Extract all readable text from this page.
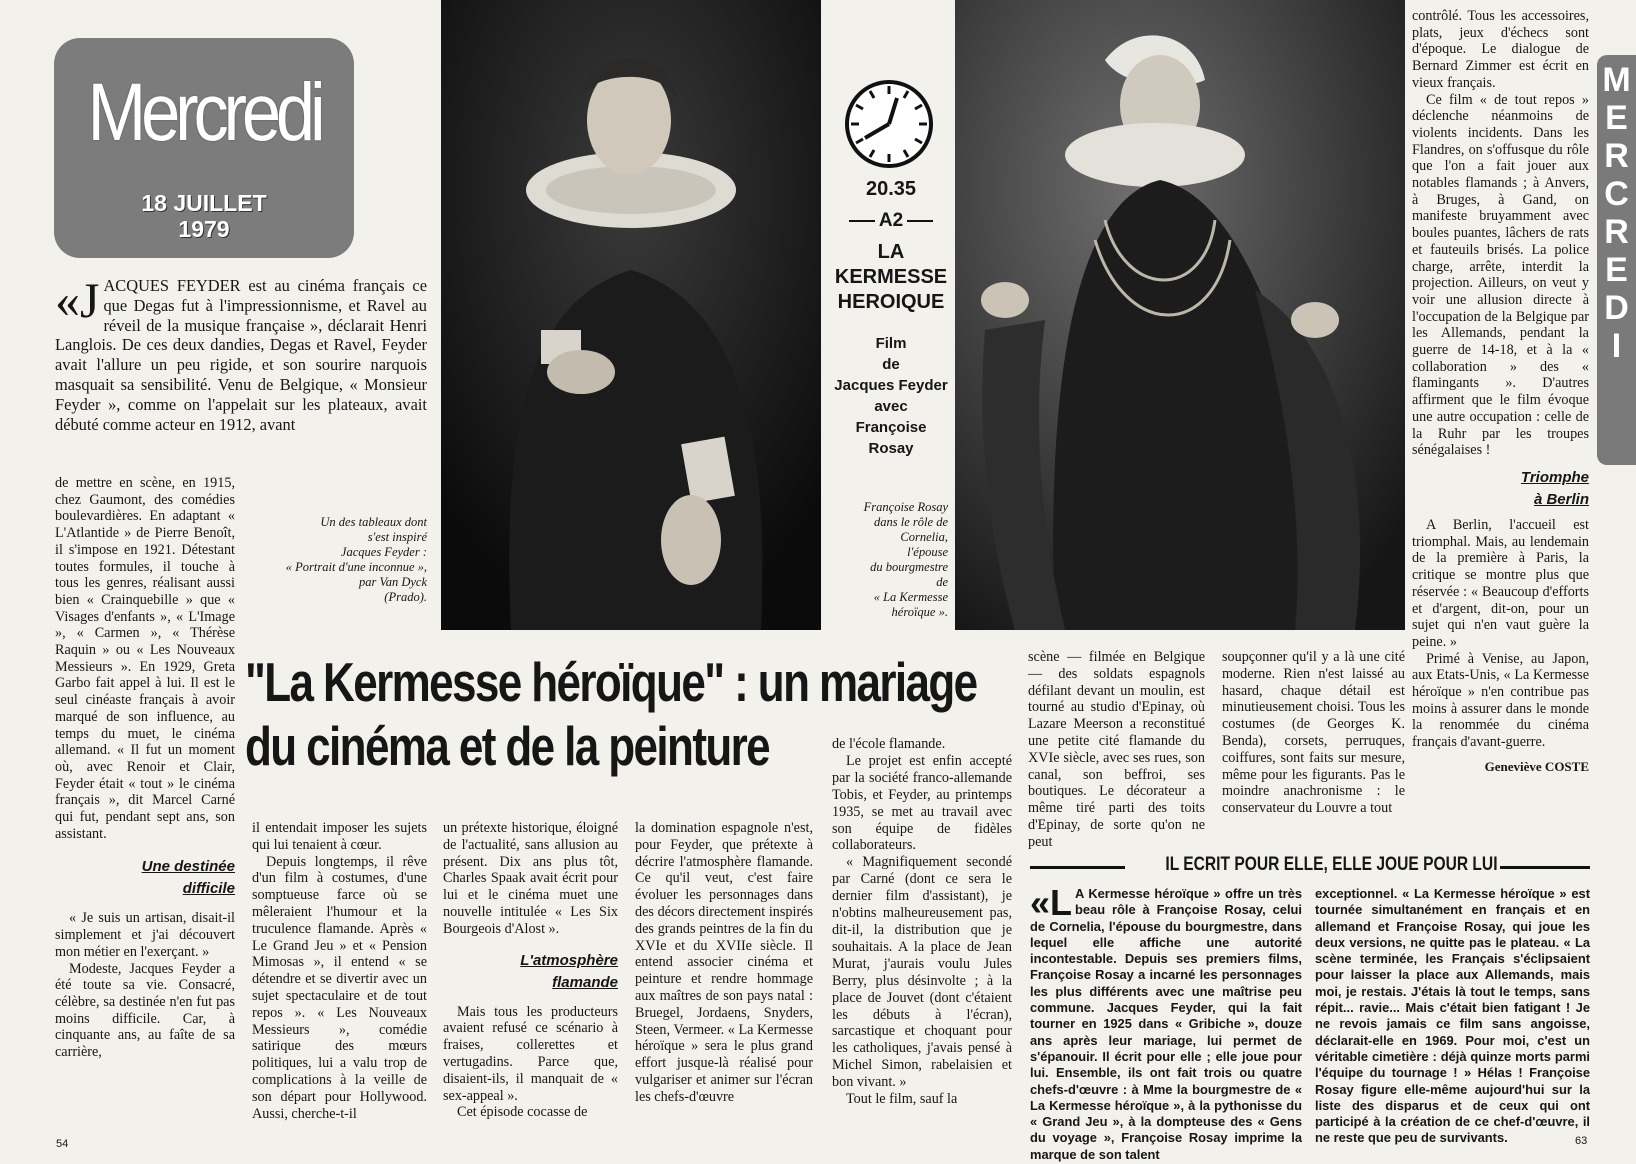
Mercredi
18 JUILLET
1979
M
E
R
C
R
E
D
I
20.35
A2
LA
KERMESSE
HEROIQUE
Film
de
Jacques Feyder
avec
Françoise Rosay
Un des tableaux dont
s'est inspiré
Jacques Feyder :
« Portrait d'une inconnue »,
par Van Dyck
(Prado).
Françoise Rosay
dans le rôle de
Cornelia,
l'épouse
du bourgmestre
de
« La Kermesse
héroïque ».
"La Kermesse héroïque" : un mariage
du cinéma et de la peinture

«JACQUES FEYDER est au cinéma français ce que Degas fut à l'impressionnisme, et Ravel au réveil de la musique française », déclarait Henri Langlois. De ces deux dandies, Degas et Ravel, Feyder avait l'allure un peu rigide, et son sourire narquois masquait sa sensibilité. Venu de Belgique, « Monsieur Feyder », comme on l'appelait sur les plateaux, avait débuté comme acteur en 1912, avant

de mettre en scène, en 1915, chez Gaumont, des comédies boulevardières. En adaptant « L'Atlantide » de Pierre Benoît, il s'impose en 1921. Détestant toutes formules, il touche à tous les genres, réalisant aussi bien « Crainquebille » que « Visages d'enfants », « L'Image », « Carmen », « Thérèse Raquin » ou « Les Nouveaux Messieurs ». En 1929, Greta Garbo fait appel à lui. Il est le seul cinéaste français à avoir marqué de son influence, au temps du muet, le cinéma allemand. « Il fut un moment où, avec Renoir et Clair, Feyder était « tout » le cinéma français », dit Marcel Carné qui fut, pendant sept ans, son assistant.

Une destinée
difficile

« Je suis un artisan, disait-il simplement et j'ai découvert mon métier en l'exerçant. »

Modeste, Jacques Feyder a été toute sa vie. Consacré, célèbre, sa destinée n'en fut pas moins difficile. Car, à cinquante ans, au faîte de sa carrière,

il entendait imposer les sujets qui lui tenaient à cœur.

Depuis longtemps, il rêve d'un film à costumes, d'une somptueuse farce où se mêleraient l'humour et la truculence flamande. Après « Le Grand Jeu » et « Pension Mimosas », il entend « se détendre et se divertir avec un sujet spectaculaire et de tout repos ». « Les Nouveaux Messieurs », comédie satirique des mœurs politiques, lui a valu trop de complications à la veille de son départ pour Hollywood. Aussi, cherche-t-il

un prétexte historique, éloigné de l'actualité, sans allusion au présent. Dix ans plus tôt, Charles Spaak avait écrit pour lui et le cinéma muet une nouvelle intitulée « Les Six Bourgeois d'Alost ».

L'atmosphère
flamande

Mais tous les producteurs avaient refusé ce scénario à fraises, collerettes et vertugadins. Parce que, disaient-ils, il manquait de « sex-appeal ».

Cet épisode cocasse de

la domination espagnole n'est, pour Feyder, que prétexte à décrire l'atmosphère flamande. Ce qu'il veut, c'est faire évoluer les personnages dans des décors directement inspirés des grands peintres de la fin du XVIe et du XVIIe siècle. Il entend associer cinéma et peinture et rendre hommage aux maîtres de son pays natal : Bruegel, Jordaens, Snyders, Steen, Vermeer. « La Kermesse héroïque » sera le plus grand effort jusque-là réalisé pour vulgariser et animer sur l'écran les chefs-d'œuvre

de l'école flamande.

Le projet est enfin accepté par la société franco-allemande Tobis, et Feyder, au printemps 1935, se met au travail avec son équipe de fidèles collaborateurs.

« Magnifiquement secondé par Carné (dont ce sera le dernier film d'assistant), je n'obtins malheureusement pas, dit-il, la distribution que je souhaitais. A la place de Jean Murat, j'aurais voulu Jules Berry, plus désinvolte ; à la place de Jouvet (dont c'étaient les débuts à l'écran), sarcastique et choquant pour les catholiques, j'avais pensé à Michel Simon, rabelaisien et bon vivant. »

Tout le film, sauf la

scène — filmée en Belgique — des soldats espagnols défilant devant un moulin, est tourné au studio d'Epinay, où Lazare Meerson a reconstitué une petite cité flamande du XVIe siècle, avec ses rues, son canal, son beffroi, ses boutiques. Le décorateur a même tiré parti des toits d'Epinay, de sorte qu'on ne peut

soupçonner qu'il y a là une cité moderne. Rien n'est laissé au hasard, chaque détail est minutieusement choisi. Tous les costumes (de Georges K. Benda), corsets, perruques, coiffures, sont faits sur mesure, même pour les figurants. Pas le moindre anachronisme : le conservateur du Louvre a tout

contrôlé. Tous les accessoires, plats, jeux d'échecs sont d'époque. Le dialogue de Bernard Zimmer est écrit en vieux français.

Ce film « de tout repos » déclenche néanmoins de violents incidents. Dans les Flandres, on s'offusque du rôle que l'on a fait jouer aux notables flamands ; à Anvers, à Bruges, à Gand, on manifeste bruyamment avec boules puantes, lâchers de rats et fauteuils brisés. La police charge, arrête, interdit la projection. Ailleurs, on veut y voir une allusion directe à l'occupation de la Belgique par les Allemands, pendant la guerre de 14-18, et à la « collaboration » des « flamingants ». D'autres affirment que le film évoque une autre occupation : celle de la Ruhr par les troupes sénégalaises !

Triomphe
à Berlin

A Berlin, l'accueil est triomphal. Mais, au lendemain de la première à Paris, la critique se montre plus que réservée : « Beaucoup d'efforts et d'argent, dit-on, pour un sujet qui n'en vaut guère la peine. »

Primé à Venise, au Japon, aux Etats-Unis, « La Kermesse héroïque » n'en contribue pas moins à assurer dans le monde la renommée du cinéma français d'avant-guerre.

Geneviève COSTE
IL ECRIT POUR ELLE, ELLE JOUE POUR LUI
«L A Kermesse héroïque » offre un très beau rôle à Françoise Rosay, celui de Cornelia, l'épouse du bourgmestre, dans lequel elle affiche une autorité incontestable. Depuis ses premiers films, Françoise Rosay a incarné les personnages les plus différents avec une maîtrise peu commune. Jacques Feyder, qui la fait tourner en 1925 dans « Gribiche », douze ans après leur mariage, lui permet de s'épanouir. Il écrit pour elle ; elle joue pour lui. Ensemble, ils ont fait trois ou quatre chefs-d'œuvre : à Mme la bourgmestre de « La Kermesse héroïque », à la pythonisse du « Grand Jeu », à la dompteuse des « Gens du voyage », Françoise Rosay imprime la marque de son talent
exceptionnel. « La Kermesse héroïque » est tournée simultanément en français et en allemand et Françoise Rosay, qui joue les deux versions, ne quitte pas le plateau. « La scène terminée, les Français s'éclipsaient pour laisser la place aux Allemands, mais moi, je restais. J'étais là tout le temps, sans répit... ravie... Mais c'était bien fatigant ! Je ne revois jamais ce film sans angoisse, déclarait-elle en 1969. Pour moi, c'est un véritable cimetière : déjà quinze morts parmi l'équipe du tournage ! » Hélas ! Françoise Rosay figure elle-même aujourd'hui sur la liste des disparus et de ceux qui ont participé à la création de ce chef-d'œuvre, il ne reste que peu de survivants.
54	63
